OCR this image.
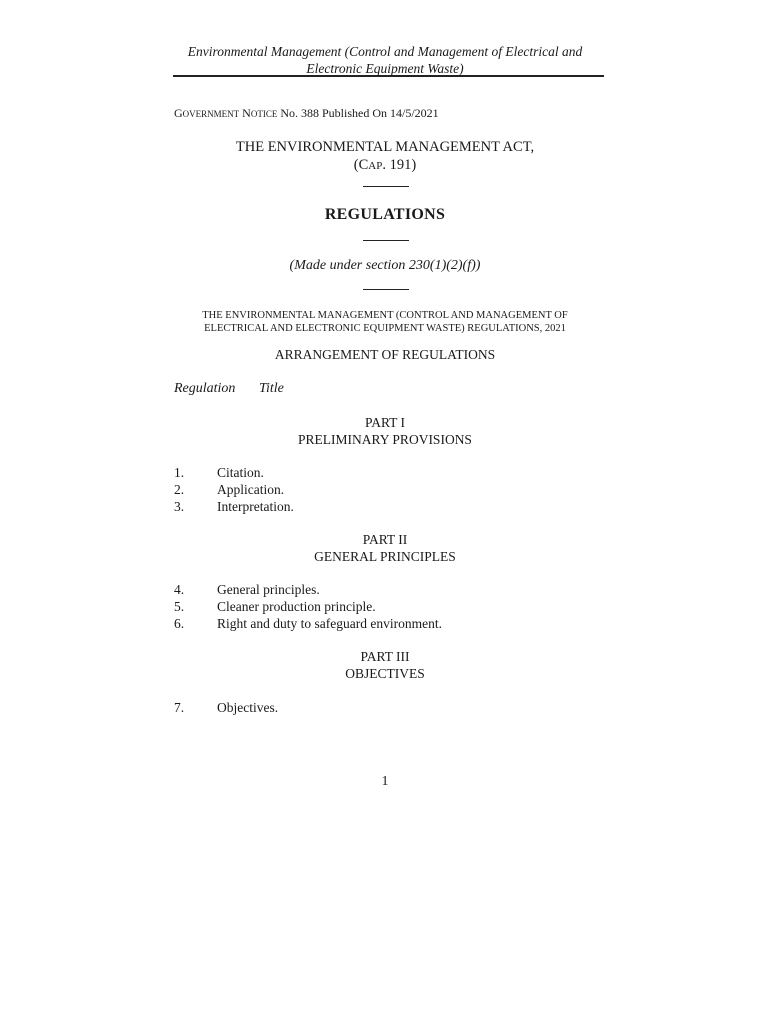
Environmental Management (Control and Management of Electrical and
Electronic Equipment Waste)
GOVERNMENT NOTICE No. 388 Published On 14/5/2021
THE ENVIRONMENTAL MANAGEMENT ACT,
(CAP. 191)
REGULATIONS
(Made under section 230(1)(2)(f))
THE ENVIRONMENTAL MANAGEMENT (CONTROL AND MANAGEMENT OF
ELECTRICAL AND ELECTRONIC EQUIPMENT WASTE) REGULATIONS, 2021
ARRANGEMENT OF REGULATIONS
Regulation Title
PART I
PRELIMINARY PROVISIONS
1.	Citation.
2.	Application.
3.	Interpretation.
PART II
GENERAL PRINCIPLES
4.	General principles.
5.	Cleaner production principle.
6.	Right and duty to safeguard environment.
PART III
OBJECTIVES
7.	Objectives.
1
